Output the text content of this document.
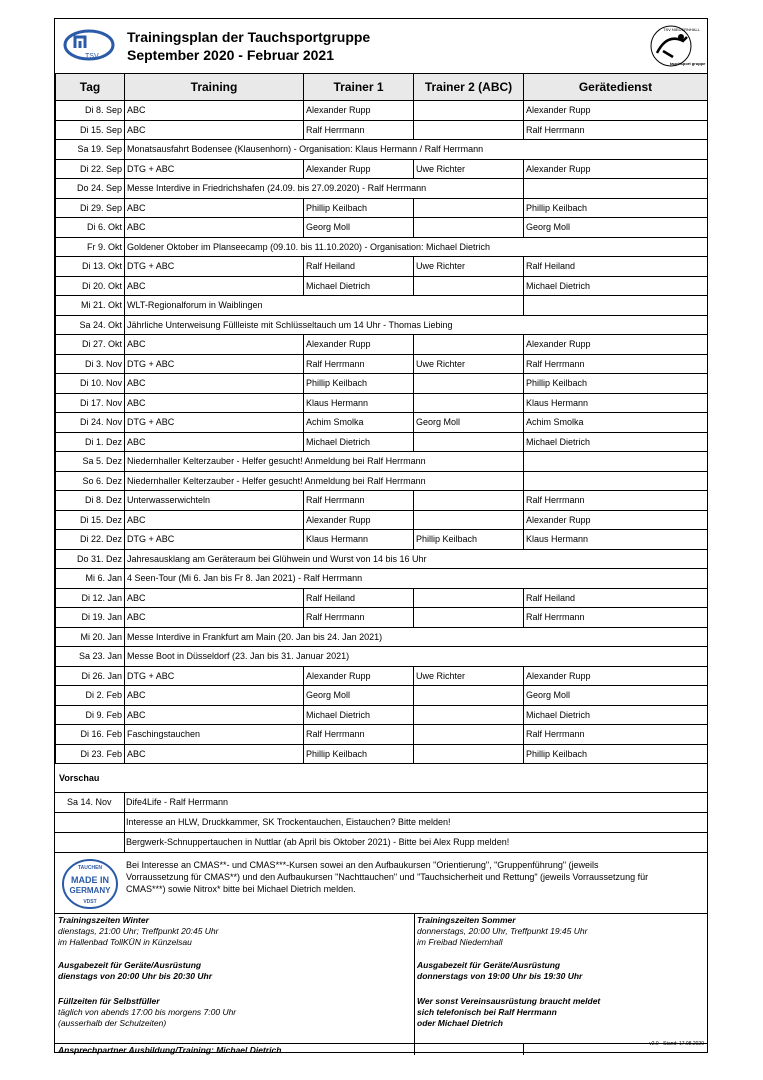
TSV
Trainingsplan der Tauchsportgruppe
September 2020 - Februar 2021
TSV NIEDERNHALL
tauchsport gruppe
Tag	Training	Trainer 1	Trainer 2 (ABC)	Gerätedienst
Di 8. Sep	ABC	Alexander Rupp		Alexander Rupp
Di 15. Sep	ABC	Ralf Herrmann		Ralf Herrmann
Sa 19. Sep	Monatsausfahrt Bodensee (Klausenhorn) - Organisation: Klaus Hermann / Ralf Herrmann			
Di 22. Sep	DTG + ABC	Alexander Rupp	Uwe Richter	Alexander Rupp
Do 24. Sep	Messe Interdive in Friedrichshafen (24.09. bis 27.09.2020) - Ralf Herrmann			
Di 29. Sep	ABC	Phillip Keilbach		Phillip Keilbach
Di 6. Okt	ABC	Georg Moll		Georg Moll
Fr 9. Okt	Goldener Oktober im Planseecamp (09.10. bis 11.10.2020) - Organisation: Michael Dietrich			
Di 13. Okt	DTG + ABC	Ralf Heiland	Uwe Richter	Ralf Heiland
Di 20. Okt	ABC	Michael Dietrich		Michael Dietrich
Mi 21. Okt	WLT-Regionalforum in Waiblingen			
Sa 24. Okt	Jährliche Unterweisung Füllleiste mit Schlüsseltauch um 14 Uhr - Thomas Liebing			
Di 27. Okt	ABC	Alexander Rupp		Alexander Rupp
Di 3. Nov	DTG + ABC	Ralf Herrmann	Uwe Richter	Ralf Herrmann
Di 10. Nov	ABC	Phillip Keilbach		Phillip Keilbach
Di 17. Nov	ABC	Klaus Hermann		Klaus Hermann
Di 24. Nov	DTG + ABC	Achim Smolka	Georg Moll	Achim Smolka
Di 1. Dez	ABC	Michael Dietrich		Michael Dietrich
Sa 5. Dez	Niedernhaller Kelterzauber - Helfer gesucht! Anmeldung bei Ralf Herrmann			
So 6. Dez	Niedernhaller Kelterzauber - Helfer gesucht! Anmeldung bei Ralf Herrmann			
Di 8. Dez	Unterwasserwichteln	Ralf Herrmann		Ralf Herrmann
Di 15. Dez	ABC	Alexander Rupp		Alexander Rupp
Di 22. Dez	DTG + ABC	Klaus Hermann	Phillip Keilbach	Klaus Hermann
Do 31. Dez	Jahresausklang am Geräteraum bei Glühwein und Wurst von 14 bis 16 Uhr			
Mi 6. Jan	4 Seen-Tour (Mi 6. Jan bis Fr 8. Jan 2021) - Ralf Herrmann			
Di 12. Jan	ABC	Ralf Heiland		Ralf Heiland
Di 19. Jan	ABC	Ralf Herrmann		Ralf Herrmann
Mi 20. Jan	Messe Interdive in Frankfurt am Main (20. Jan bis 24. Jan 2021)			
Sa 23. Jan	Messe Boot in Düsseldorf (23. Jan bis 31. Januar 2021)			
Di 26. Jan	DTG + ABC	Alexander Rupp	Uwe Richter	Alexander Rupp
Di 2. Feb	ABC	Georg Moll		Georg Moll
Di 9. Feb	ABC	Michael Dietrich		Michael Dietrich
Di 16. Feb	Faschingstauchen	Ralf Herrmann		Ralf Herrmann
Di 23. Feb	ABC	Phillip Keilbach		Phillip Keilbach
Vorschau
Sa 14. Nov Dife4Life - Ralf Herrmann
Interesse an HLW, Druckkammer, SK Trockentauchen, Eistauchen? Bitte melden!
Bergwerk-Schnuppertauchen in Nuttlar (ab April bis Oktober 2021) - Bitte bei Alex Rupp melden!
Bei Interesse an CMAS**- und CMAS***-Kursen sowei an den Aufbaukursen "Orientierung", "Gruppenführung" (jeweils
Vorraussetzung für CMAS**) und den Aufbaukursen "Nachttauchen" und "Tauchsicherheit und Rettung" (jeweils Vorraussetzung für
CMAS***) sowie Nitrox* bitte bei Michael Dietrich melden.
TAUCHEN
MADE IN
GERMANY
VDST
Trainingszeiten Winter
dienstags, 21:00 Uhr; Treffpunkt 20:45 Uhr
im Hallenbad TollKÜN in Künzelsau
Trainingszeiten Sommer
donnerstags, 20:00 Uhr, Treffpunkt 19:45 Uhr
im Freibad Niedernhall
Ausgabezeit für Geräte/Ausrüstung
dienstags von 20:00 Uhr bis 20:30 Uhr
Ausgabezeit für Geräte/Ausrüstung
donnerstags von 19:00 Uhr bis 19:30 Uhr
Füllzeiten für Selbstfüller
täglich von abends 17:00 bis morgens 7:00 Uhr
(ausserhalb der Schulzeiten)
Wer sonst Vereinsausrüstung braucht meldet
sich telefonisch bei Ralf Herrmann
oder Michael Dietrich
Ansprechpartner Ausbildung/Training: Michael Dietrich
v2.0 - Stand: 17.08.2020
